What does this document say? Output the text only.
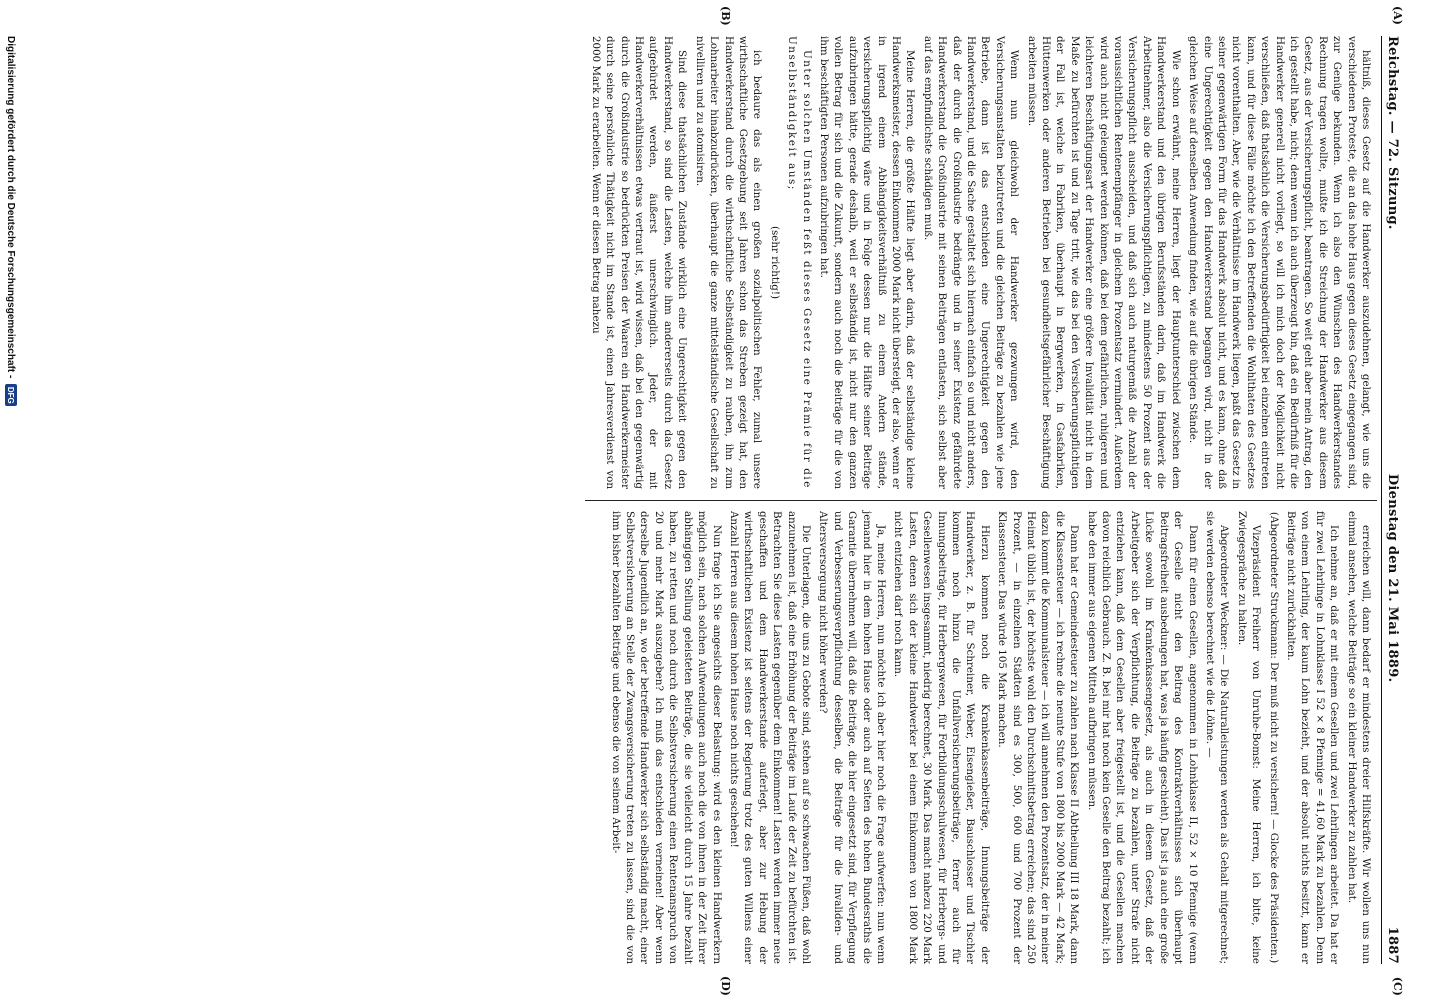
Reichstag. — 72. Sitzung.
Dienstag den 21. Mai 1889.
1887
(A)
(B)
(C)
(D)

hältniß, dieses Gesetz auf die Handwerker auszudehnen, gelangt, wie uns die verschiedenen Proteste, die an das hohe Haus gegen dieses Gesetz eingegangen sind, zur Genüge bekunden. Wenn ich also den Wünschen des Handwerkerstandes Rechnung tragen wollte, mußte ich die Streichung der Handwerker aus diesem Gesetz, aus der Versicherungspflicht, beantragen. So weit geht aber mein Antrag, den ich gestellt habe, nicht; denn wenn ich auch überzeugt bin, daß ein Bedürfniß für die Handwerker generell nicht vorliegt, so will ich mich doch der Möglichkeit nicht verschließen, daß thatsächlich die Versicherungsbedürftigkeit bei einzelnen eintreten kann, und für diese Fälle möchte ich den Betreffenden die Wohlthaten des Gesetzes nicht vorenthalten. Aber, wie die Verhältnisse im Handwerk liegen, paßt das Gesetz in seiner gegenwärtigen Form für das Handwerk absolut nicht, und es kann, ohne daß eine Ungerechtigkeit gegen den Handwerkerstand begangen wird, nicht in der gleichen Weise auf denselben Anwendung finden, wie auf die übrigen Stände.

Wie schon erwähnt, meine Herren, liegt der Hauptunterschied zwischen dem Handwerkerstand und den übrigen Berufsständen darin, daß im Handwerk die Arbeitnehmer, also die Versicherungspflichtigen, zu mindestens 50 Prozent aus der Versicherungspflicht ausscheiden, und daß sich auch naturgemäß die Anzahl der voraussichtlichen Rentenempfänger in gleichem Prozentsatz vermindert. Außerdem wird auch nicht geleugnet werden können, daß bei dem gefährlichen, ruhigeren und leichteren Beschäftigungsart der Handwerker eine größere Invalidität nicht in dem Maße zu befürchten ist und zu Tage tritt, wie das bei den Versicherungspflichtigen der Fall ist, welche in Fabriken, überhaupt in Bergwerken, in Gasfabriken, Hüttenwerken oder anderen Betrieben bei gesundheitsgefährlicher Beschäftigung arbeiten müssen.

Wenn nun gleichwohl der Handwerker gezwungen wird, den Versicherungsanstalten beizutreten und die gleichen Beiträge zu bezahlen wie jene Betriebe, dann ist das entschieden eine Ungerechtigkeit gegen den Handwerkerstand, und die Sache gestaltet sich hiernach einfach so und nicht anders, daß der durch die Großindustrie bedrängte und in seiner Existenz gefährdete Handwerkerstand die Großindustrie mit seinen Beiträgen entlasten, sich selbst aber auf das empfindlichste schädigen muß.

Meine Herren, die größte Hälfte liegt aber darin, daß der selbständige kleine Handwerksmeister, dessen Einkommen 2000 Mark nicht übersteigt, der also, wenn er in irgend einem Abhängigkeitsverhältniß zu einem Andern stände, versicherungspflichtig wäre und in Folge dessen nur die Hälfte seiner Beiträge aufzubringen hätte, gerade deshalb, weil er selbständig ist, nicht nur den ganzen vollen Betrag für sich und die Zukunft, sondern auch noch die Beiträge für die von ihm beschäftigten Personen aufzubringen hat.

Unter solchen Umständen feßt dieses Gesetz eine Prämie für die Unselbständigkeit aus;

(sehr richtig!)

ich bedaure das als einen großen sozialpolitischen Fehler, zumal unsere wirthschaftliche Gesetzgebung seit Jahren schon das Streben gezeigt hat, den Handwerkerstand durch die wirthschaftliche Selbständigkeit zu rauben, ihn zum Lohnarbeiter hinabzudrücken, überhaupt die ganze mittelständische Gesellschaft zu nivelliren und zu atomisiren.

Sind diese thatsächlichen Zustände wirklich eine Ungerechtigkeit gegen den Handwerkerstand, so sind die Lasten, welche ihm andererseits durch das Gesetz aufgebürdet werden, äußerst unerschwinglich. Jeder, der mit Handwerkerverhältnissen etwas vertraut ist, wird wissen, daß bei den gegenwärtig durch die Großindustrie so bedrückten Preisen der Waaren ein Handwerkermeister durch seine persönliche Thätigkeit nicht im Stande ist, einen Jahresverdienst von 2000 Mark zu erarbeiten. Wenn er diesen Betrag nahezu

erreichen will, dann bedarf er mindestens dreier Hilfskräfte. Wir wollen uns nun einmal ansehen, welche Beiträge so ein kleiner Handwerker zu zahlen hat.

Ich nehme an, daß er mit einem Gesellen und zwei Lehrlingen arbeitet. Da hat er für zwei Lehrlinge in Lohnklasse I 52 × 8 Pfennige = 41,60 Mark zu bezahlen. Denn von einem Lehrling, der kaum Lohn bezieht, und der absolut nichts besitzt, kann er Beiträge nicht zurückhalten.

(Abgeordneter Struckmann: Der muß nicht zu versichern! — Glocke des Präsidenten.)

Vizepräsident Freiherr von Unruhe-Bomst: Meine Herren, ich bitte, keine Zwiegespräche zu halten.

Abgeordneter Weckner: — Die Naturalleistungen werden als Gehalt mitgerechnet; sie werden ebenso berechnet wie die Löhne. —

Dann für einen Gesellen, angenommen in Lohnklasse II, 52 × 10 Pfennige (wenn der Geselle nicht den Beitrag des Kontraktverhältnisses sich überhaupt Beitragsfreiheit ausbedungen hat, was ja häufig geschieht). Das ist ja auch eine große Lücke sowohl im Krankenkassengesetz, als auch in diesem Gesetz, daß der Arbeitgeber sich der Verpflichtung, die Beiträge zu bezahlen, unter Strafe nicht entziehen kann, daß dem Gesellen aber freigestellt ist, und die Gesellen machen davon reichlich Gebrauch. Z. B. bei mir hat noch kein Geselle den Beitrag bezahlt; ich habe den immer aus eigenen Mitteln aufbringen müssen.

Dann hat er Gemeindesteuer zu zahlen nach Klasse II Abtheilung III 18 Mark, dann die Klassensteuer — ich rechne die neunte Stufe von 1800 bis 2000 Mark — 42 Mark; dazu kommt die Kommunalsteuer — ich will annehmen den Prozentsatz, der in meiner Heimat üblich ist, der höchste wohl den Durchschnittsbetrag erreichen; das sind 250 Prozent, — in einzelnen Städten sind es 300, 500, 600 und 700 Prozent der Klassensteuer. Das würde 105 Mark machen.

Hierzu kommen noch die Krankenkassenbeiträge, Innungsbeiträge der Handwerker, z. B. für Schreiner, Weber, Eisengießer, Bauschlosser und Tischler kommen noch hinzu die Unfallversicherungsbeiträge, ferner auch für Innungsbeiträge, für Herbergswesen, für Fortbildungsschulwesen, für Herbergs- und Gesellenwesen insgesammt, niedrig berechnet, 30 Mark. Das macht nahezu 220 Mark Lasten, denen sich der kleine Handwerker bei einem Einkommen von 1800 Mark nicht entziehen darf noch kann.

Ja, meine Herren, nun möchte ich aber hier noch die Frage aufwerfen: nun wenn jemand hier in dem hohen Hause oder auch auf Seiten des hohen Bundesraths die Garantie übernehmen will, daß die Beiträge, die hier eingesetzt sind, für Verpflegung und Verbesserungsverpflichtung desselben, die Beiträge für die Invaliden- und Altersversorgung nicht höher werden?

Die Unterlagen, die uns zu Gebote sind, stehen auf so schwachen Füßen, daß wohl anzunehmen ist, daß eine Erhöhung der Beiträge im Laufe der Zeit zu befürchten ist. Betrachten Sie diese Lasten gegenüber dem Einkommen! Lasten werden immer neue geschaffen und dem Handwerkerstande auferlegt, aber zur Hebung der wirthschaftlichen Existenz ist seitens der Regierung trotz des guten Willens einer Anzahl Herren aus diesem hohen Hause noch nichts geschehen!

Nun frage ich Sie angesichts dieser Belastung: wird es den kleinen Handwerkern möglich sein, nach solchen Aufwendungen auch noch die von ihnen in der Zeit ihrer abhängigen Stellung geleisteten Beiträge, die sie vielleicht durch 15 Jahre bezahlt haben, zu retten und noch durch die Selbstversicherung einen Rentenanspruch von 20 und mehr Mark auszugeben? Ich muß das entschieden verneinen! Aber wenn derselbe Jugendlich an, wo der betreffende Handwerker sich selbständig macht, einer Selbstversicherung an Stelle der Zwangsversicherung treten zu lassen, sind die von ihm bisher bezahlten Beiträge und ebenso die von seinem Arbeit-

Digitalisierung gefördert durch die Deutsche Forschungsgemeinschaft -
DFG
